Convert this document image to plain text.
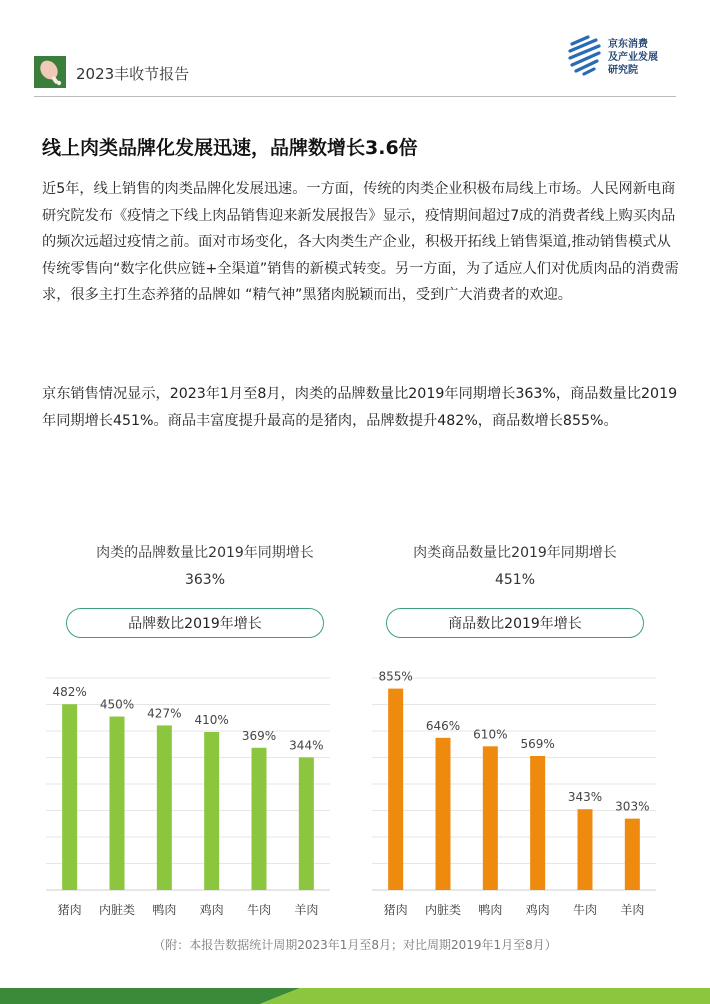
2023丰收节报告
京东消费
及产业发展
研究院
线上肉类品牌化发展迅速，品牌数增长3.6倍

近5年，线上销售的肉类品牌化发展迅速。一方面，传统的肉类企业积极布局线上市场。人民网新电商研究院发布《疫情之下线上肉品销售迎来新发展报告》显示，疫情期间超过7成的消费者线上购买肉品的频次远超过疫情之前。面对市场变化，各大肉类生产企业，积极开拓线上销售渠道,推动销售模式从传统零售向“数字化供应链+全渠道”销售的新模式转变。另一方面，为了适应人们对优质肉品的消费需求，很多主打生态养猪的品牌如 “精气神”黑猪肉脱颖而出，受到广大消费者的欢迎。

京东销售情况显示，2023年1月至8月，肉类的品牌数量比2019年同期增长363%，商品数量比2019年同期增长451%。商品丰富度提升最高的是猪肉，品牌数提升482%，商品数增长855%。

肉类的品牌数量比2019年同期增长
363%
肉类商品数量比2019年同期增长
451%
品牌数比2019年增长	商品数比2019年增长
482%
猪肉
450%
内脏类
427%
鸭肉
410%
鸡肉
369%
牛肉
344%
羊肉
855%
猪肉
646%
内脏类
610%
鸭肉
569%
鸡肉
343%
牛肉
303%
羊肉
（附：本报告数据统计周期2023年1月至8月；对比周期2019年1月至8月）
